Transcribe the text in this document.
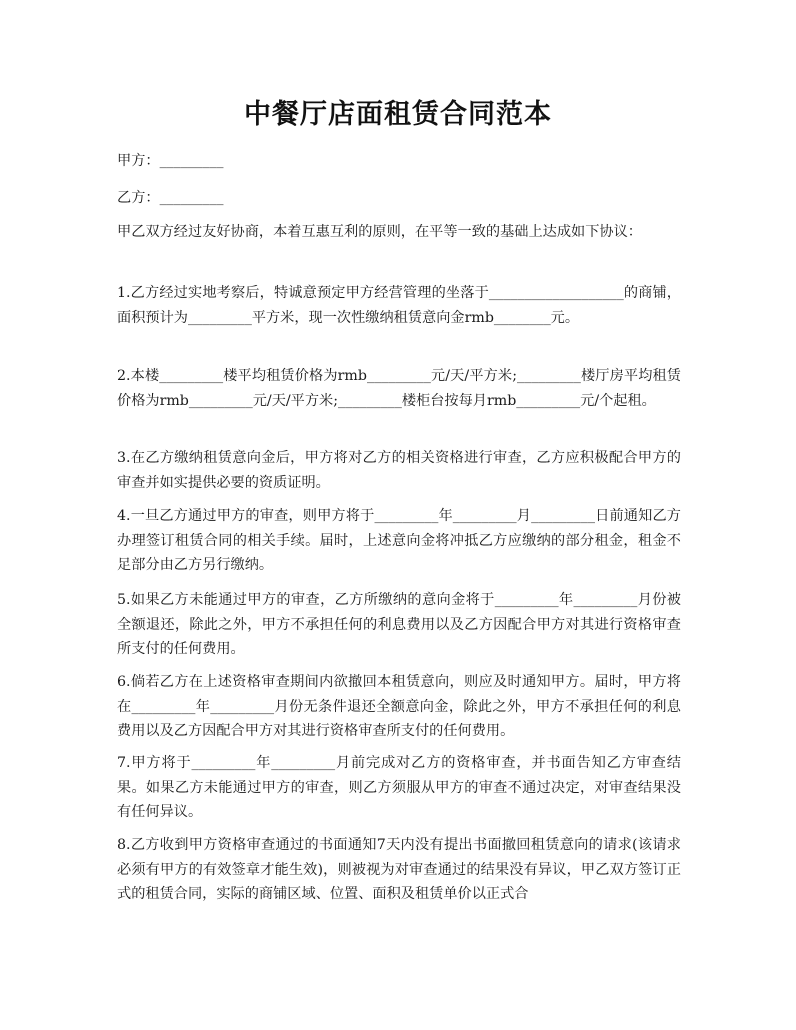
中餐厅店面租赁合同范本
甲方：_________
乙方：_________
甲乙双方经过友好协商，本着互惠互利的原则，在平等一致的基础上达成如下协议：
1.乙方经过实地考察后，特诚意预定甲方经营管理的坐落于___________________的商铺，面积预计为_________平方米，现一次性缴纳租赁意向金rmb________元。
2.本楼_________楼平均租赁价格为rmb_________元/天/平方米;_________楼厅房平均租赁价格为rmb_________元/天/平方米;_________楼柜台按每月rmb_________元/个起租。
3.在乙方缴纳租赁意向金后，甲方将对乙方的相关资格进行审查，乙方应积极配合甲方的审查并如实提供必要的资质证明。
4.一旦乙方通过甲方的审查，则甲方将于_________年_________月_________日前通知乙方办理签订租赁合同的相关手续。届时，上述意向金将冲抵乙方应缴纳的部分租金，租金不足部分由乙方另行缴纳。
5.如果乙方未能通过甲方的审查，乙方所缴纳的意向金将于_________年_________月份被全额退还，除此之外，甲方不承担任何的利息费用以及乙方因配合甲方对其进行资格审查所支付的任何费用。
6.倘若乙方在上述资格审查期间内欲撤回本租赁意向，则应及时通知甲方。届时，甲方将在_________年_________月份无条件退还全额意向金，除此之外，甲方不承担任何的利息费用以及乙方因配合甲方对其进行资格审查所支付的任何费用。
7.甲方将于_________年_________月前完成对乙方的资格审查，并书面告知乙方审查结果。如果乙方未能通过甲方的审查，则乙方须服从甲方的审查不通过决定，对审查结果没有任何异议。
8.乙方收到甲方资格审查通过的书面通知7天内没有提出书面撤回租赁意向的请求(该请求必须有甲方的有效签章才能生效)，则被视为对审查通过的结果没有异议，甲乙双方签订正式的租赁合同，实际的商铺区域、位置、面积及租赁单价以正式合
